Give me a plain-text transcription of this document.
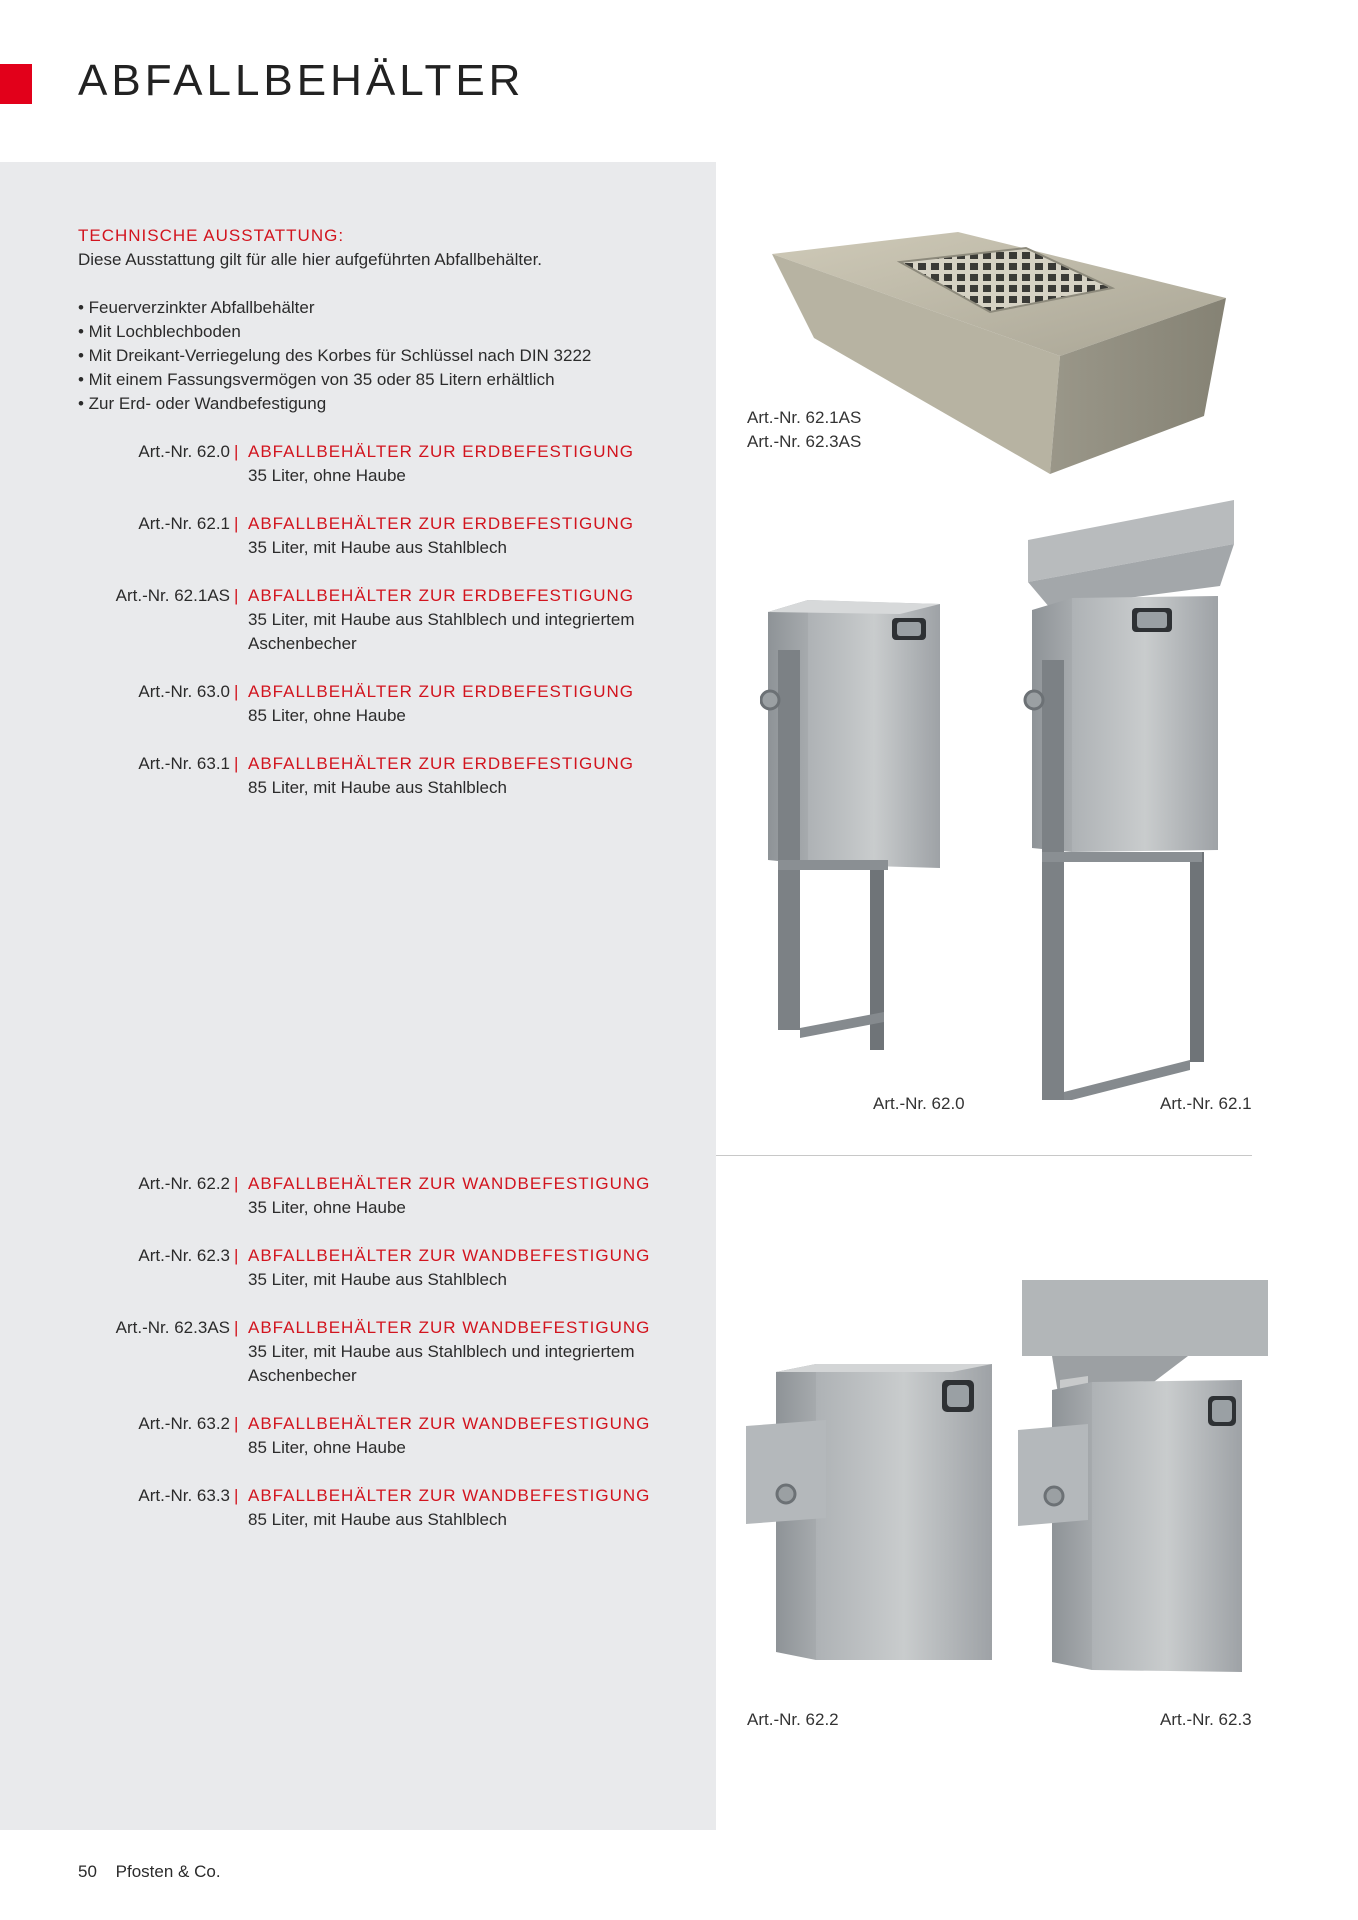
ABFALLBEHÄLTER
TECHNISCHE AUSSTATTUNG:
Diese Ausstattung gilt für alle hier aufgeführten Abfallbehälter.
• Feuerverzinkter Abfallbehälter
• Mit Lochblechboden
• Mit Dreikant-Verriegelung des Korbes für Schlüssel nach DIN 3222
• Mit einem Fassungsvermögen von 35 oder 85 Litern erhältlich
• Zur Erd- oder Wandbefestigung
Art.-Nr. 62.0 | ABFALLBEHÄLTER ZUR ERDBEFESTIGUNG
35 Liter, ohne Haube
Art.-Nr. 62.1 | ABFALLBEHÄLTER ZUR ERDBEFESTIGUNG
35 Liter, mit Haube aus Stahlblech
Art.-Nr. 62.1AS | ABFALLBEHÄLTER ZUR ERDBEFESTIGUNG
35 Liter, mit Haube aus Stahlblech und integriertem Aschenbecher
Art.-Nr. 63.0 | ABFALLBEHÄLTER ZUR ERDBEFESTIGUNG
85 Liter, ohne Haube
Art.-Nr. 63.1 | ABFALLBEHÄLTER ZUR ERDBEFESTIGUNG
85 Liter, mit Haube aus Stahlblech
Art.-Nr. 62.2 | ABFALLBEHÄLTER ZUR WANDBEFESTIGUNG
35 Liter, ohne Haube
Art.-Nr. 62.3 | ABFALLBEHÄLTER ZUR WANDBEFESTIGUNG
35 Liter, mit Haube aus Stahlblech
Art.-Nr. 62.3AS | ABFALLBEHÄLTER ZUR WANDBEFESTIGUNG
35 Liter, mit Haube aus Stahlblech und integriertem Aschenbecher
Art.-Nr. 63.2 | ABFALLBEHÄLTER ZUR WANDBEFESTIGUNG
85 Liter, ohne Haube
Art.-Nr. 63.3 | ABFALLBEHÄLTER ZUR WANDBEFESTIGUNG
85 Liter, mit Haube aus Stahlblech
Art.-Nr. 62.1AS
Art.-Nr. 62.3AS
Art.-Nr. 62.0	Art.-Nr. 62.1
Art.-Nr. 62.2	Art.-Nr. 62.3
50 Pfosten & Co.
